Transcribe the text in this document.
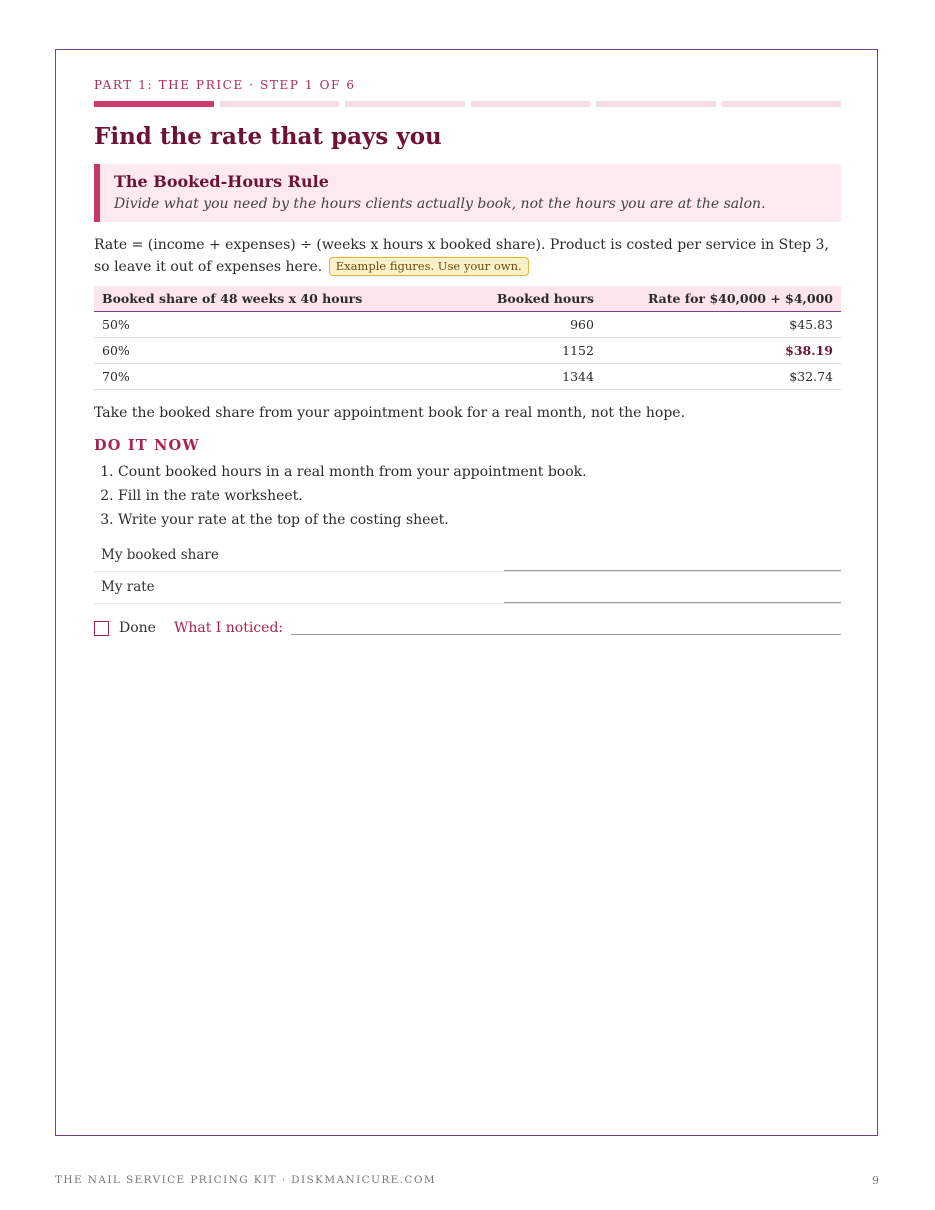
PART 1: THE PRICE · STEP 1 OF 6
Find the rate that pays you
The Booked-Hours Rule
Divide what you need by the hours clients actually book, not the hours you are at the salon.
Rate = (income + expenses) ÷ (weeks x hours x booked share). Product is costed per service in Step 3, so leave it out of expenses here. Example figures. Use your own.
Booked share of 48 weeks x 40 hours	Booked hours	Rate for $40,000 + $4,000
50%	960	$45.83
60%	1152	$38.19
70%	1344	$32.74
Take the booked share from your appointment book for a real month, not the hope.
DO IT NOW
1. Count booked hours in a real month from your appointment book.
2. Fill in the rate worksheet.
3. Write your rate at the top of the costing sheet.
My booked share
My rate
Done What I noticed:
THE NAIL SERVICE PRICING KIT · DISKMANICURE.COM	9
